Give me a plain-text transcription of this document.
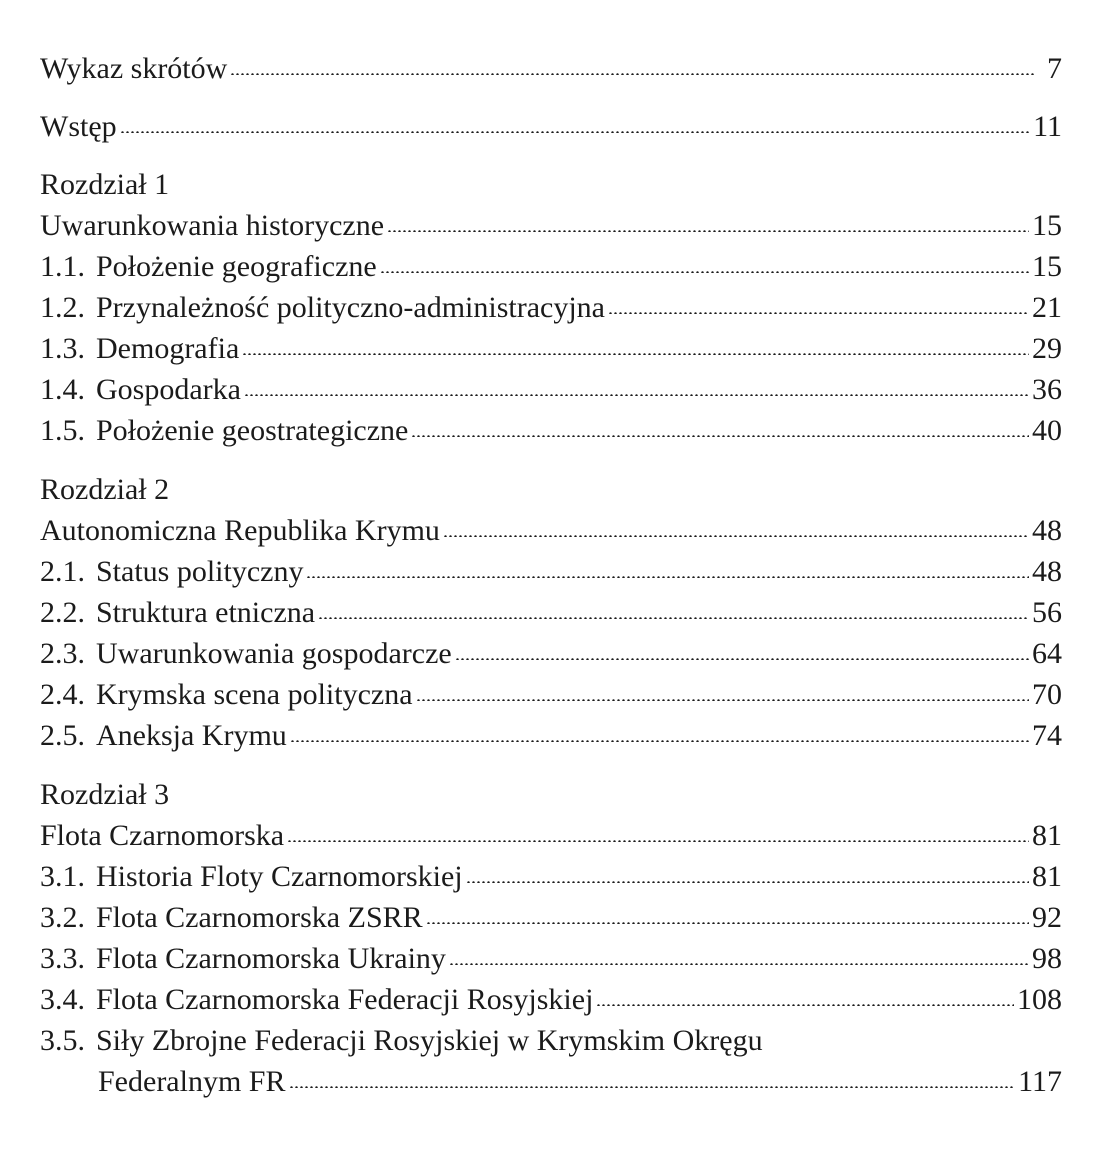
Wykaz skrótów	7
Wstęp	11
Rozdział 1
Uwarunkowania historyczne	15
1.1. Położenie geograficzne	15
1.2. Przynależność polityczno-administracyjna	21
1.3. Demografia	29
1.4. Gospodarka	36
1.5. Położenie geostrategiczne	40
Rozdział 2
Autonomiczna Republika Krymu	48
2.1. Status polityczny	48
2.2. Struktura etniczna	56
2.3. Uwarunkowania gospodarcze	64
2.4. Krymska scena polityczna	70
2.5. Aneksja Krymu	74
Rozdział 3
Flota Czarnomorska	81
3.1. Historia Floty Czarnomorskiej	81
3.2. Flota Czarnomorska ZSRR	92
3.3. Flota Czarnomorska Ukrainy	98
3.4. Flota Czarnomorska Federacji Rosyjskiej	108
3.5. Siły Zbrojne Federacji Rosyjskiej w Krymskim Okręgu
Federalnym FR	117
